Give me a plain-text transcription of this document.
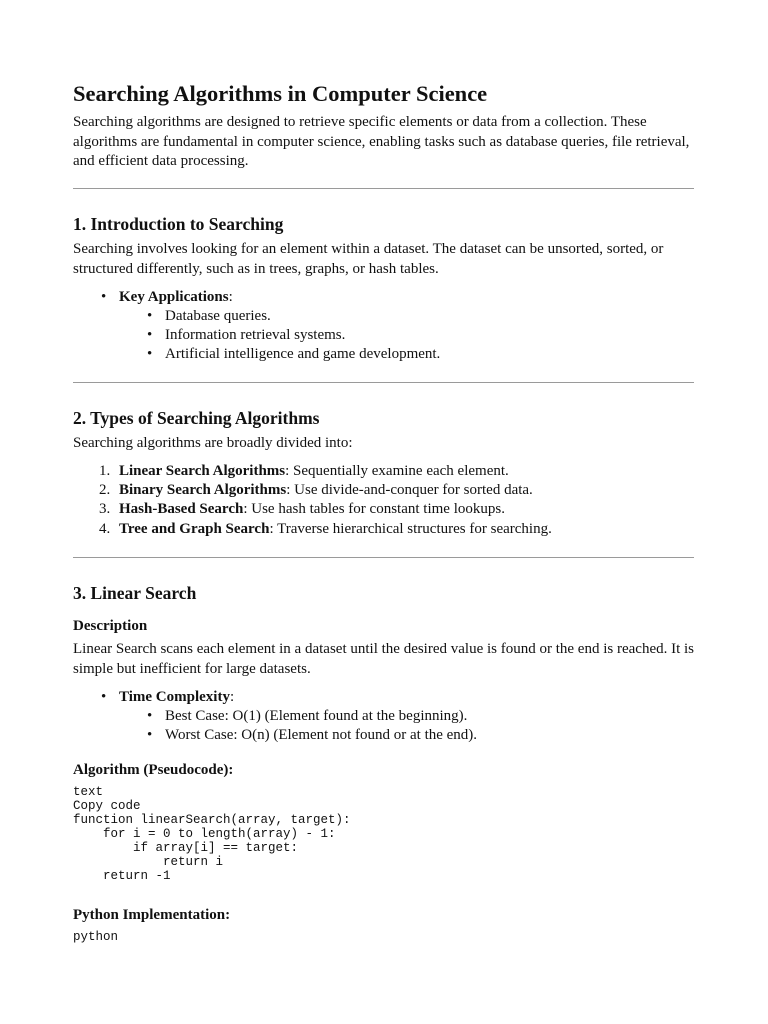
Searching Algorithms in Computer Science

Searching algorithms are designed to retrieve specific elements or data from a collection. These algorithms are fundamental in computer science, enabling tasks such as database queries, file retrieval, and efficient data processing.

1. Introduction to Searching

Searching involves looking for an element within a dataset. The dataset can be unsorted, sorted, or structured differently, such as in trees, graphs, or hash tables.

• Key Applications:
• Database queries.
• Information retrieval systems.
• Artificial intelligence and game development.
2. Types of Searching Algorithms

Searching algorithms are broadly divided into:

1. Linear Search Algorithms: Sequentially examine each element.
2. Binary Search Algorithms: Use divide-and-conquer for sorted data.
3. Hash-Based Search: Use hash tables for constant time lookups.
4. Tree and Graph Search: Traverse hierarchical structures for searching.
3. Linear Search
Description

Linear Search scans each element in a dataset until the desired value is found or the end is reached. It is simple but inefficient for large datasets.

• Time Complexity:
• Best Case: O(1) (Element found at the beginning).
• Worst Case: O(n) (Element not found or at the end).
Algorithm (Pseudocode):
text
Copy code
function linearSearch(array, target):
for i = 0 to length(array) - 1:
if array[i] == target:
return i
return -1
Python Implementation:
python
